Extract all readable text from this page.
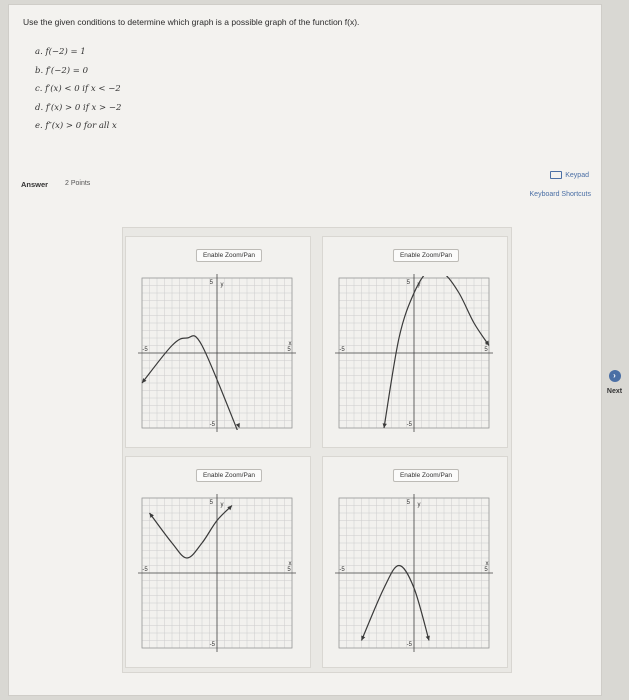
Use the given conditions to determine which graph is a possible graph of the function f(x).
a. f(−2) = 1
b. f′(−2) = 0
c. f′(x) < 0 if x < −2
d. f′(x) > 0 if x > −2
e. f″(x) > 0 for all x
Answer 2 Points
Keypad
Keyboard Shortcuts
Enable Zoom/Pan
-5	5
5
-5
x
y
Enable Zoom/Pan
-5	5
5
-5
y
Enable Zoom/Pan
-5	5
5
-5
x
y
Enable Zoom/Pan
-5	5
5
-5
x
y
›
Next
